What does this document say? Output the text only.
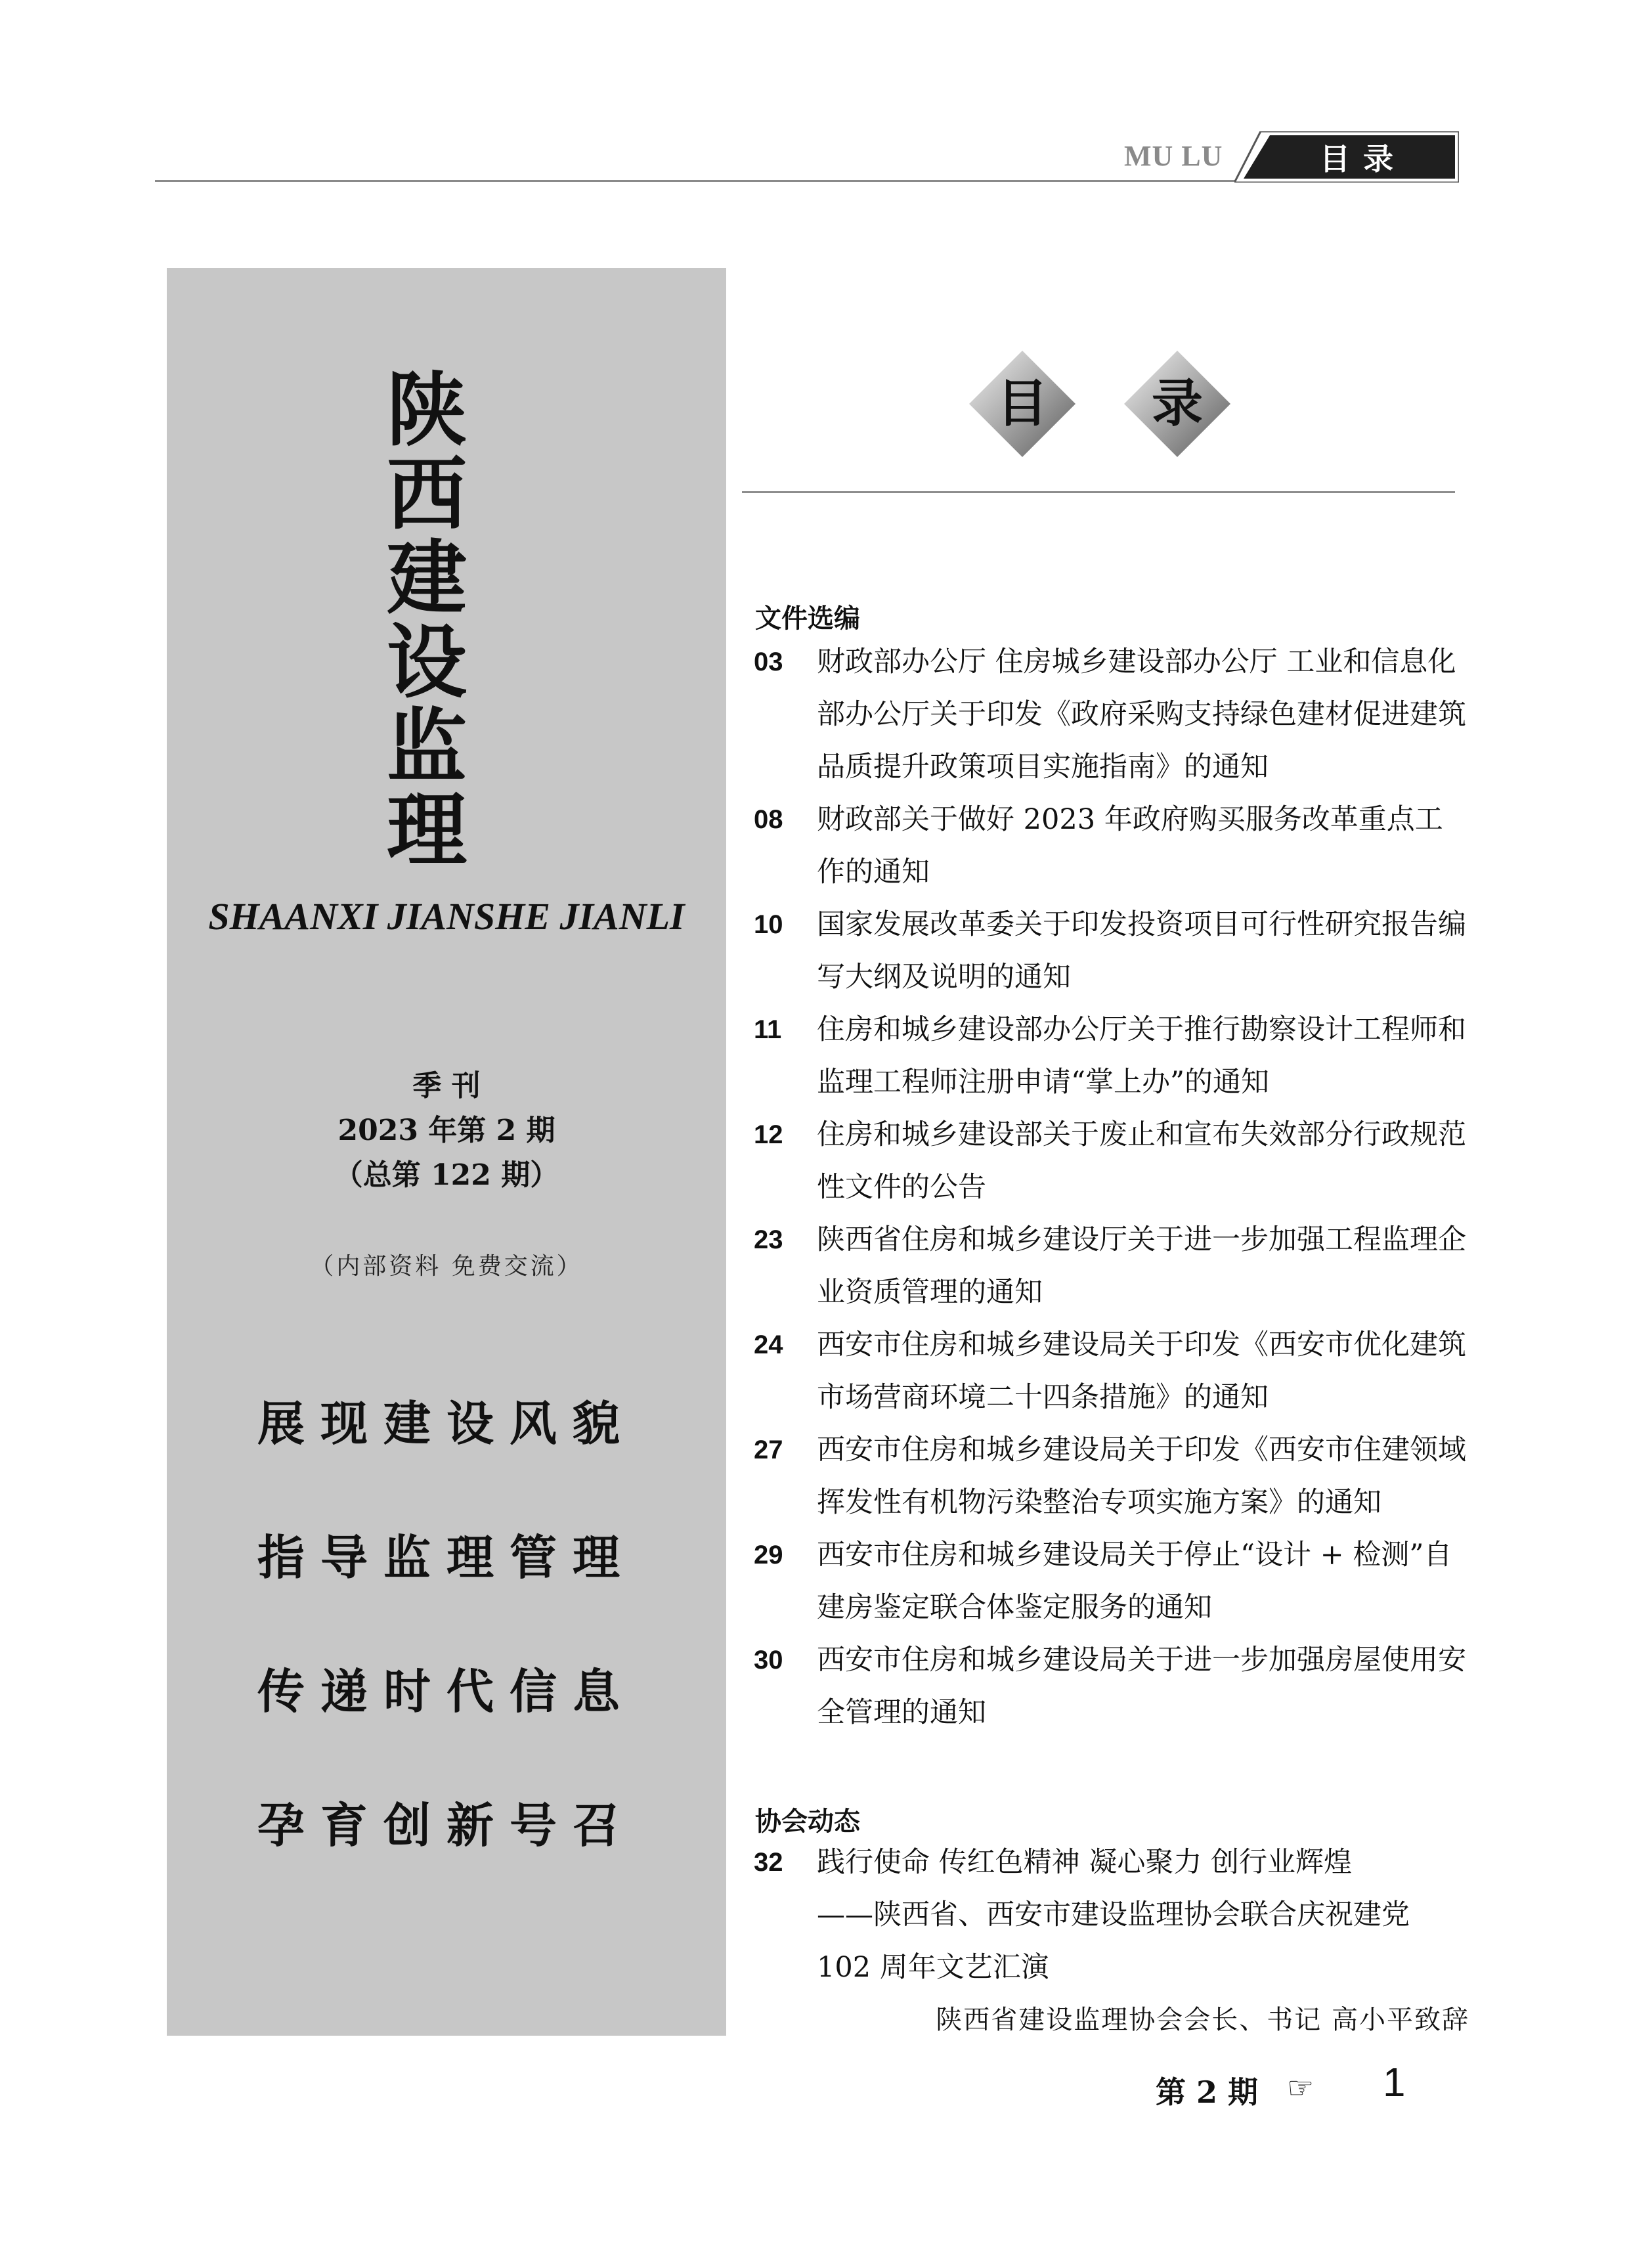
MU LU	目录
陕
西
建
设
监
理
SHAANXI JIANSHE JIANLI
季 刊
2023 年第 2 期
（总第 122 期）
（内部资料 免费交流）
展现建设风貌
指导监理管理
传递时代信息
孕育创新号召
目	录
文件选编
03 财政部办公厅 住房城乡建设部办公厅 工业和信息化部办公厅关于印发《政府采购支持绿色建材促进建筑品质提升政策项目实施指南》的通知
08 财政部关于做好 2023 年政府购买服务改革重点工作的通知
10 国家发展改革委关于印发投资项目可行性研究报告编写大纲及说明的通知
11 住房和城乡建设部办公厅关于推行勘察设计工程师和监理工程师注册申请“掌上办”的通知
12 住房和城乡建设部关于废止和宣布失效部分行政规范性文件的公告
23 陕西省住房和城乡建设厅关于进一步加强工程监理企业资质管理的通知
24 西安市住房和城乡建设局关于印发《西安市优化建筑市场营商环境二十四条措施》的通知
27 西安市住房和城乡建设局关于印发《西安市住建领域挥发性有机物污染整治专项实施方案》的通知
29 西安市住房和城乡建设局关于停止“设计 + 检测”自建房鉴定联合体鉴定服务的通知
30 西安市住房和城乡建设局关于进一步加强房屋使用安全管理的通知
协会动态
32 践行使命 传红色精神 凝心聚力 创行业辉煌
——陕西省、西安市建设监理协会联合庆祝建党 102 周年文艺汇演
陕西省建设监理协会会长、书记 高小平致辞
第 2 期 ☞ 1
